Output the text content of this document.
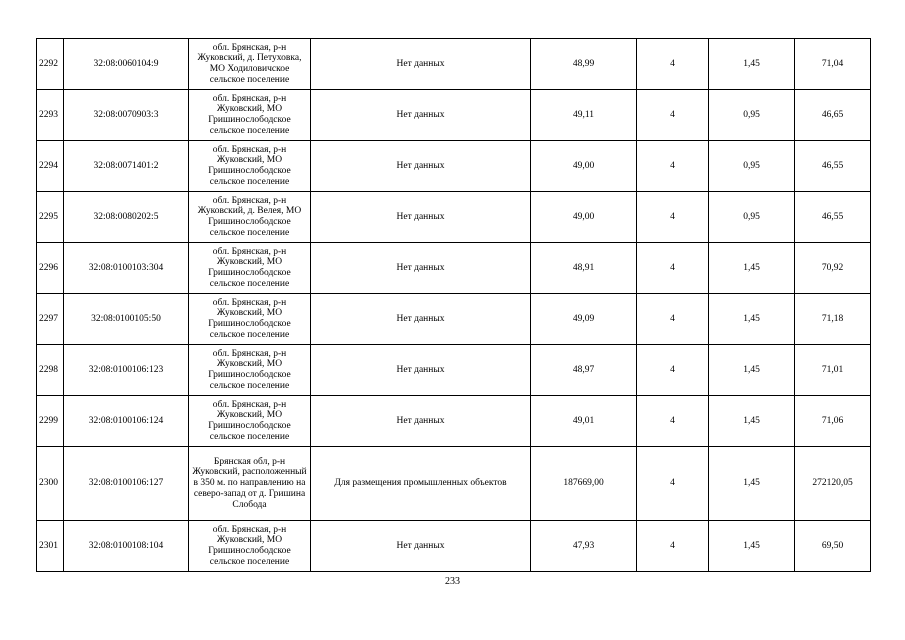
2292	32:08:0060104:9	обл. Брянская, р-н Жуковский, д. Петуховка, МО Ходиловичское сельское поселение	Нет данных	48,99	4	1,45	71,04
2293	32:08:0070903:3	обл. Брянская, р-н Жуковский, МО Гришинослободское сельское поселение	Нет данных	49,11	4	0,95	46,65
2294	32:08:0071401:2	обл. Брянская, р-н Жуковский, МО Гришинослободское сельское поселение	Нет данных	49,00	4	0,95	46,55
2295	32:08:0080202:5	обл. Брянская, р-н Жуковский, д. Велея, МО Гришинослободское сельское поселение	Нет данных	49,00	4	0,95	46,55
2296	32:08:0100103:304	обл. Брянская, р-н Жуковский, МО Гришинослободское сельское поселение	Нет данных	48,91	4	1,45	70,92
2297	32:08:0100105:50	обл. Брянская, р-н Жуковский, МО Гришинослободское сельское поселение	Нет данных	49,09	4	1,45	71,18
2298	32:08:0100106:123	обл. Брянская, р-н Жуковский, МО Гришинослободское сельское поселение	Нет данных	48,97	4	1,45	71,01
2299	32:08:0100106:124	обл. Брянская, р-н Жуковский, МО Гришинослободское сельское поселение	Нет данных	49,01	4	1,45	71,06
2300	32:08:0100106:127	Брянская обл, р-н Жуковский, расположенный в 350 м. по направлению на северо-запад от д. Гришина Слобода	Для размещения промышленных объектов	187669,00	4	1,45	272120,05
2301	32:08:0100108:104	обл. Брянская, р-н Жуковский, МО Гришинослободское сельское поселение	Нет данных	47,93	4	1,45	69,50
233
